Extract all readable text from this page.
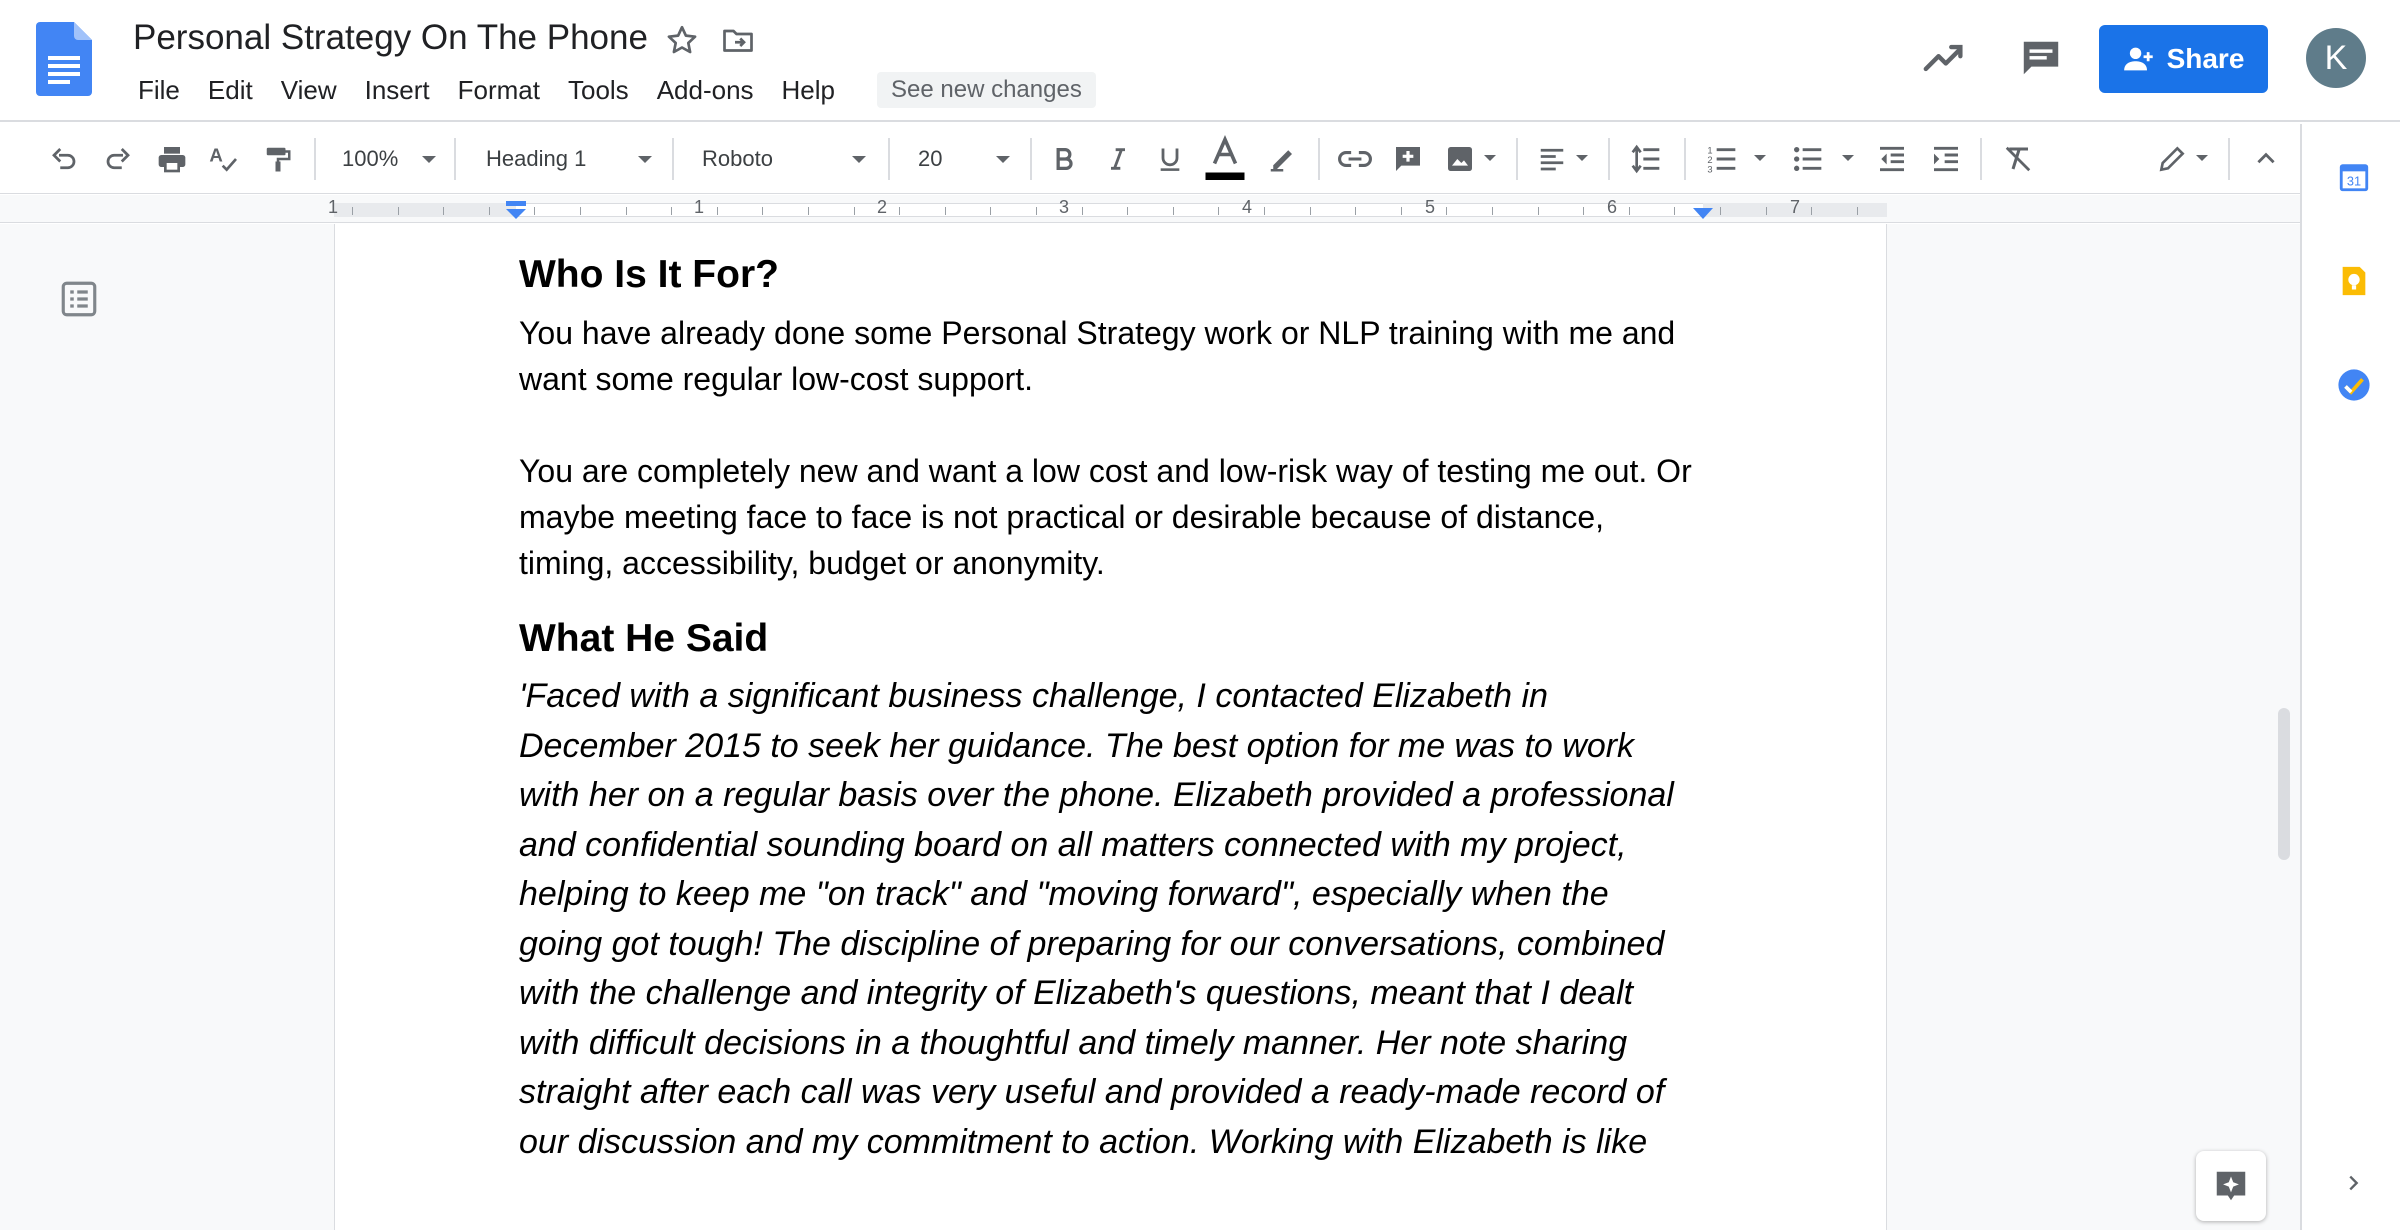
Personal Strategy On The Phone
File	Edit	View	Insert	Format	Tools	Add-ons	Help	See new changes
Share	K
A	100%	Heading 1	Roboto	20	1
2
3
1	1	2	3	4	5	6	7
Who Is It For?
You have already done some Personal Strategy work or NLP training with me and want some regular low-cost support.
You are completely new and want a low cost and low-risk way of testing me out. Or maybe meeting face to face is not practical or desirable because of distance, timing, accessibility, budget or anonymity.
What He Said
'Faced with a significant business challenge, I contacted Elizabeth in December 2015 to seek her guidance. The best option for me was to work with her on a regular basis over the phone. Elizabeth provided a professional and confidential sounding board on all matters connected with my project, helping to keep me "on track" and "moving forward", especially when the going got tough! The discipline of preparing for our conversations, combined with the challenge and integrity of Elizabeth's questions, meant that I dealt with difficult decisions in a thoughtful and timely manner. Her note sharing straight after each call was very useful and provided a ready-made record of our discussion and my commitment to action. Working with Elizabeth is like
31
